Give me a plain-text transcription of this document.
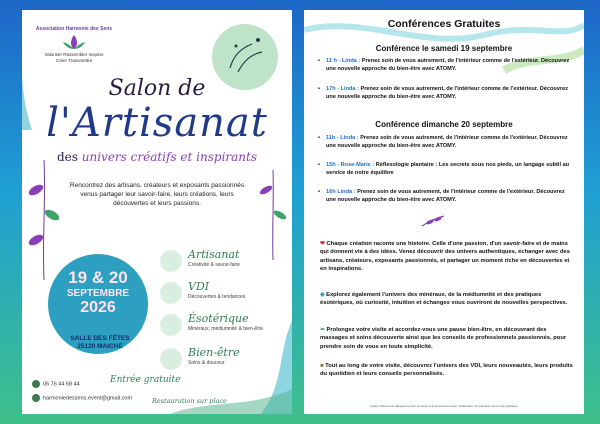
Association Harmonie des Sens
Valoriser Rassembler Inspirer
Créer Transmettre
Salon de
l'Artisanat
des univers créatifs et inspirants
Rencontrez des artisans, créateurs et exposants passionnés venus partager leur savoir-faire, leurs créations, leurs découvertes et leurs passions.
19 & 20
SEPTEMBRE
2026
SALLE DES FÊTES
25120 MAICHE
Artisanat
Créativité & savoir-faire
VDI
Découvertes & tendances
Ésotérique
Minéraux, médiumnité & bien-être
Bien-être
Soins & douceur
Entrée gratuite
06 76 44 68 44
harmoniedessens.event@gmail.com	Restauration sur place
Conférences Gratuites
Conférence le samedi 19 septembre
• 11 h - Linda : Prenez soin de vous autrement, de l'intérieur comme de l'extérieur. Découvrez une nouvelle approche du bien-être avec ATOMY.
• 17h - Linda : Prenez soin de vous autrement, de l'intérieur comme de l'extérieur. Découvrez une nouvelle approche du bien-être avec ATOMY.
Conférence dimanche 20 septembre
• 11h - Linda : Prenez soin de vous autrement, de l'intérieur comme de l'extérieur. Découvrez une nouvelle approche du bien-être avec ATOMY.
• 15h - Rose-Marie : Réflexologie plantaire : Les secrets sous nos pieds, un langage subtil au service de notre équilibre
• 16h Linda : Prenez soin de vous autrement, de l'intérieur comme de l'extérieur. Découvrez une nouvelle approche du bien-être avec ATOMY.
❤ Chaque création raconte une histoire. Celle d'une passion, d'un savoir-faire et de mains qui donnent vie à des idées. Venez découvrir des univers authentiques, échanger avec des artisans, créateurs, exposants passionnés, et partager un moment riche en découvertes et en inspirations.
◆ Explorez également l'univers des minéraux, de la médiumnité et des pratiques ésotériques, où curiosité, intuition et échanges vous ouvriront de nouvelles perspectives.
❧ Prolongez votre visite et accordez-vous une pause bien-être, en découvrant des massages et soins découverte ainsi que les conseils de professionnels passionnés, pour prendre soin de vous en toute simplicité.
■ Tout au long de votre visite, découvrez l'univers des VDI, leurs nouveautés, leurs produits du quotidien et leurs conseils personnalisés.
L'abus d'alcool est dangereux pour la santé et à consommer avec modération. Ne pas jeter sur la voie publique.
